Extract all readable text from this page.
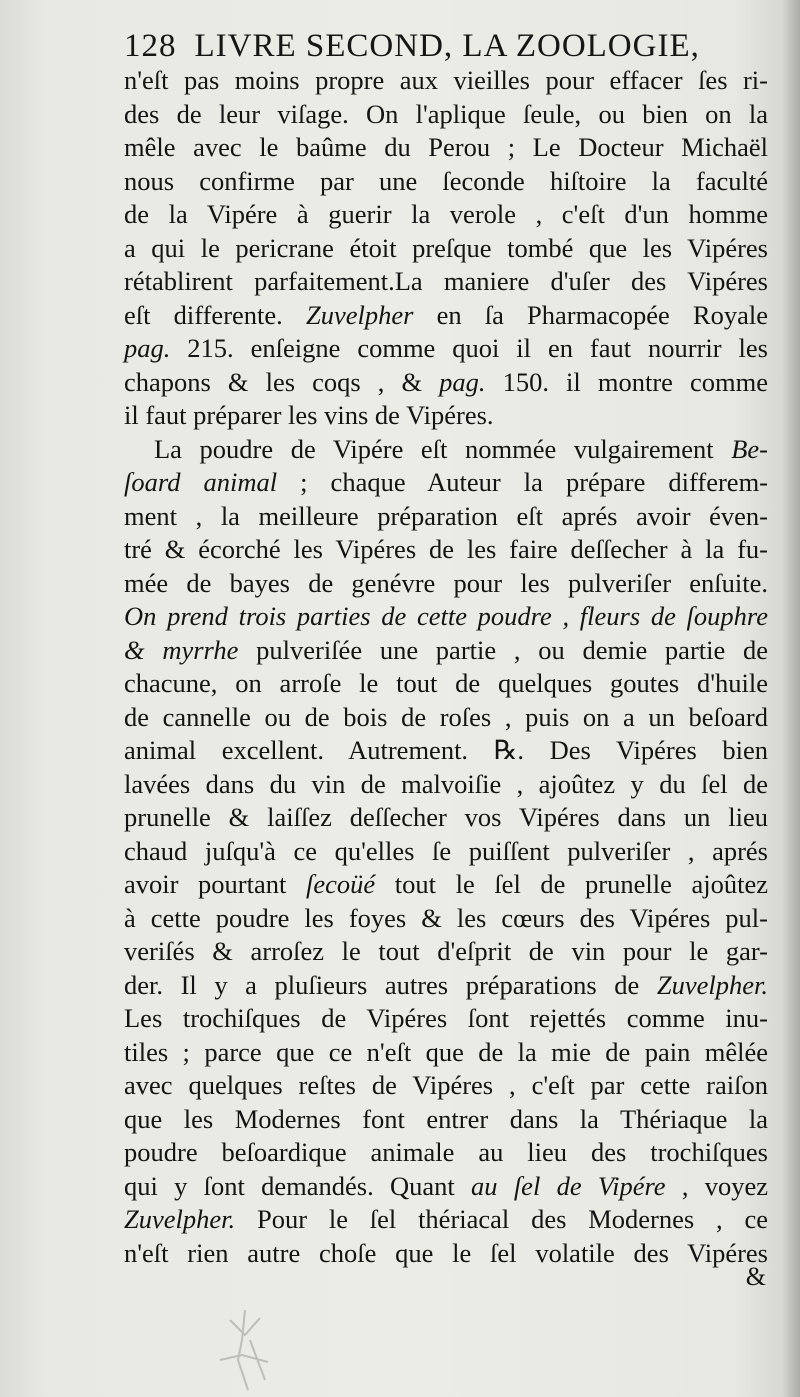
128 LIVRE SECOND, LA ZOOLOGIE,
n'eſt pas moins propre aux vieilles pour effacer ſes ri-
des de leur viſage. On l'aplique ſeule, ou bien on la
mêle avec le baûme du Perou ; Le Docteur Michaël
nous confirme par une ſeconde hiſtoire la faculté
de la Vipére à guerir la verole , c'eſt d'un homme
a qui le pericrane étoit preſque tombé que les Vipéres
rétablirent parfaitement.La maniere d'uſer des Vipéres
eſt differente. Zuvelpher en ſa Pharmacopée Royale
pag. 215. enſeigne comme quoi il en faut nourrir les
chapons & les coqs , & pag. 150. il montre comme
il faut préparer les vins de Vipéres.
La poudre de Vipére eſt nommée vulgairement Be-
ſoard animal ; chaque Auteur la prépare differem-
ment , la meilleure préparation eſt aprés avoir éven-
tré & écorché les Vipéres de les faire deſſecher à la fu-
mée de bayes de genévre pour les pulveriſer enſuite.
On prend trois parties de cette poudre , fleurs de ſouphre
& myrrhe pulveriſée une partie , ou demie partie de
chacune, on arroſe le tout de quelques goutes d'huile
de cannelle ou de bois de roſes , puis on a un beſoard
animal excellent. Autrement. ℞. Des Vipéres bien
lavées dans du vin de malvoiſie , ajoûtez y du ſel de
prunelle & laiſſez deſſecher vos Vipéres dans un lieu
chaud juſqu'à ce qu'elles ſe puiſſent pulveriſer , aprés
avoir pourtant ſecoüé tout le ſel de prunelle ajoûtez
à cette poudre les foyes & les cœurs des Vipéres pul-
veriſés & arroſez le tout d'eſprit de vin pour le gar-
der. Il y a pluſieurs autres préparations de Zuvelpher.
Les trochiſques de Vipéres ſont rejettés comme inu-
tiles ; parce que ce n'eſt que de la mie de pain mêlée
avec quelques reſtes de Vipéres , c'eſt par cette raiſon
que les Modernes font entrer dans la Thériaque la
poudre beſoardique animale au lieu des trochiſques
qui y ſont demandés. Quant au ſel de Vipére , voyez
Zuvelpher. Pour le ſel thériacal des Modernes , ce
n'eſt rien autre choſe que le ſel volatile des Vipéres
&
